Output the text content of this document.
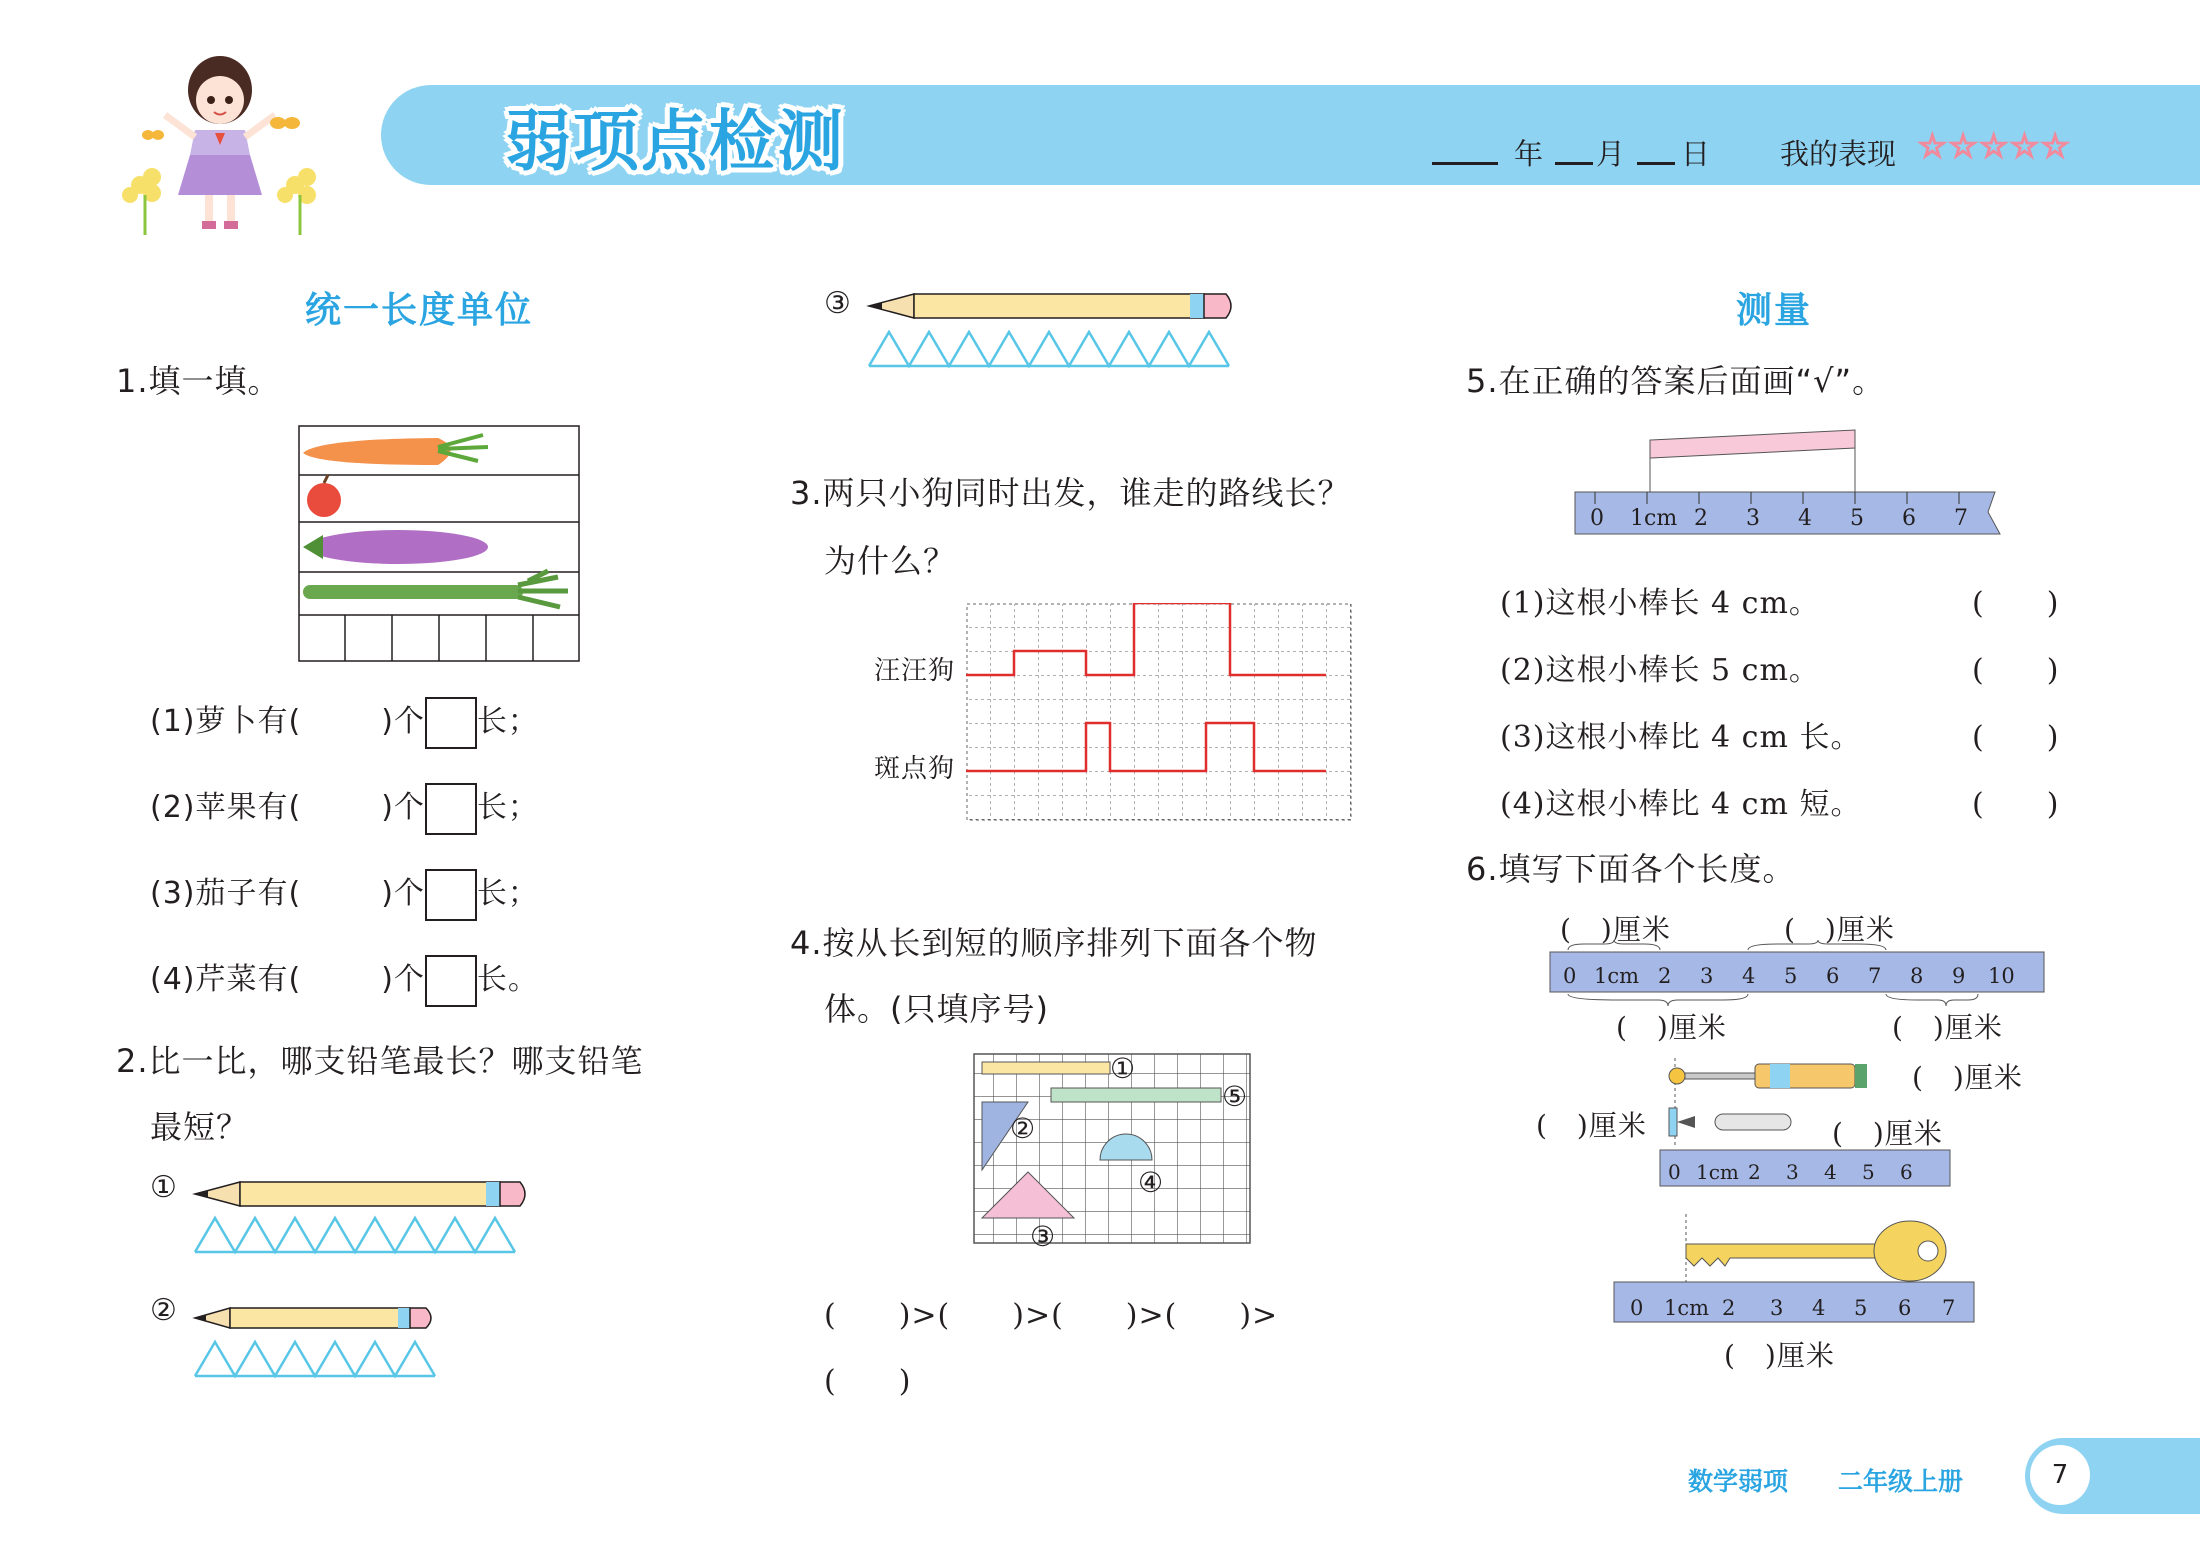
弱项点检测	年 月 日 我的表现 ☆☆☆☆☆
统一长度单位
1.填一填。
(1)萝卜有(	)个 长；
(2)苹果有(	)个 长；
(3)茄子有(	)个 长；
(4)芹菜有(	)个 长。
2.比一比，哪支铅笔最长？哪支铅笔
最短？
①
②
③
3.两只小狗同时出发，谁走的路线长？
为什么？
汪汪狗
斑点狗
4.按从长到短的顺序排列下面各个物
体。(只填序号)
①
⑤
②
④
③
(　　)>(　　)>(　　)>(　　)>
(　　)
测量
5.在正确的答案后面画“√”。
0 1cm 2 3 4 5 6 7
(1)这根小棒长 4 cm。	(　　)
(2)这根小棒长 5 cm。	(　　)
(3)这根小棒比 4 cm 长。	(　　)
(4)这根小棒比 4 cm 短。	(　　)
6.填写下面各个长度。
(　)厘米	(　)厘米
0 1cm 2 3 4 5 6 7 8 9 10
(　)厘米	(　)厘米
(　)厘米
(　)厘米	(　)厘米
0 1cm 2 3 4 5 6
0 1cm 2 3 4 5 6 7
(　)厘米
数学弱项 二年级上册	7
